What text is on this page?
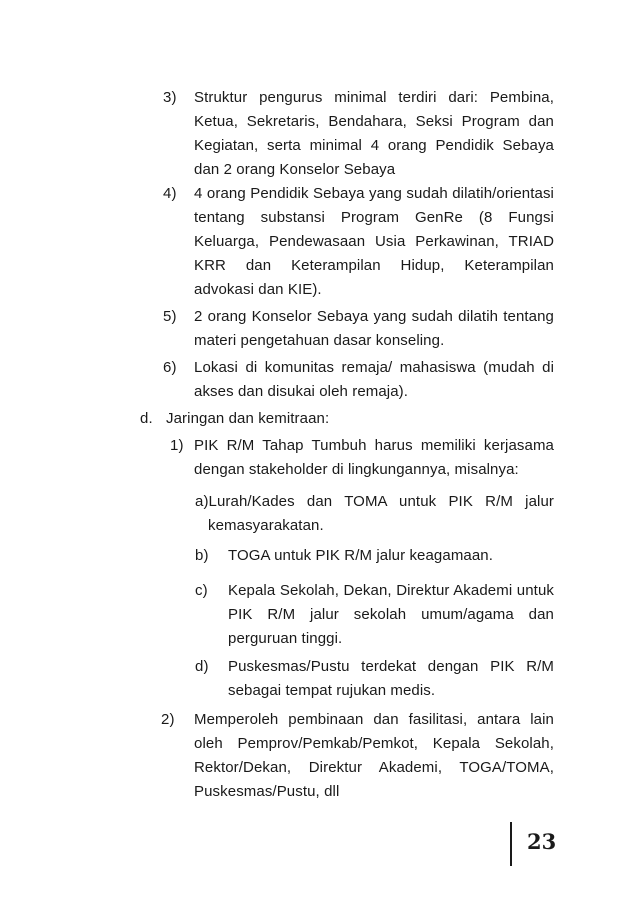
3) Struktur pengurus minimal terdiri dari: Pembina, Ketua, Sekretaris, Bendahara, Seksi Program dan Kegiatan, serta minimal 4 orang Pendidik Sebaya dan 2 orang Konselor Sebaya
4) 4 orang Pendidik Sebaya yang sudah dilatih/orientasi tentang substansi Program GenRe (8 Fungsi Keluarga, Pendewasaan Usia Perkawinan, TRIAD KRR dan Keterampilan Hidup, Keterampilan advokasi dan KIE).
5) 2 orang Konselor Sebaya yang sudah dilatih tentang materi pengetahuan dasar konseling.
6) Lokasi di komunitas remaja/ mahasiswa (mudah di akses dan disukai oleh remaja).
d. Jaringan dan kemitraan:
1) PIK R/M Tahap Tumbuh harus memiliki kerjasama dengan stakeholder di lingkungannya, misalnya:
a)Lurah/Kades dan TOMA untuk PIK R/M jalur kemasyarakatan.
b) TOGA untuk PIK R/M jalur keagamaan.
c) Kepala Sekolah, Dekan, Direktur Akademi untuk PIK R/M jalur sekolah umum/agama dan perguruan tinggi.
d) Puskesmas/Pustu terdekat dengan PIK R/M sebagai tempat rujukan medis.
2) Memperoleh pembinaan dan fasilitasi, antara lain oleh Pemprov/Pemkab/Pemkot, Kepala Sekolah, Rektor/Dekan, Direktur Akademi, TOGA/TOMA, Puskesmas/Pustu, dll
23
